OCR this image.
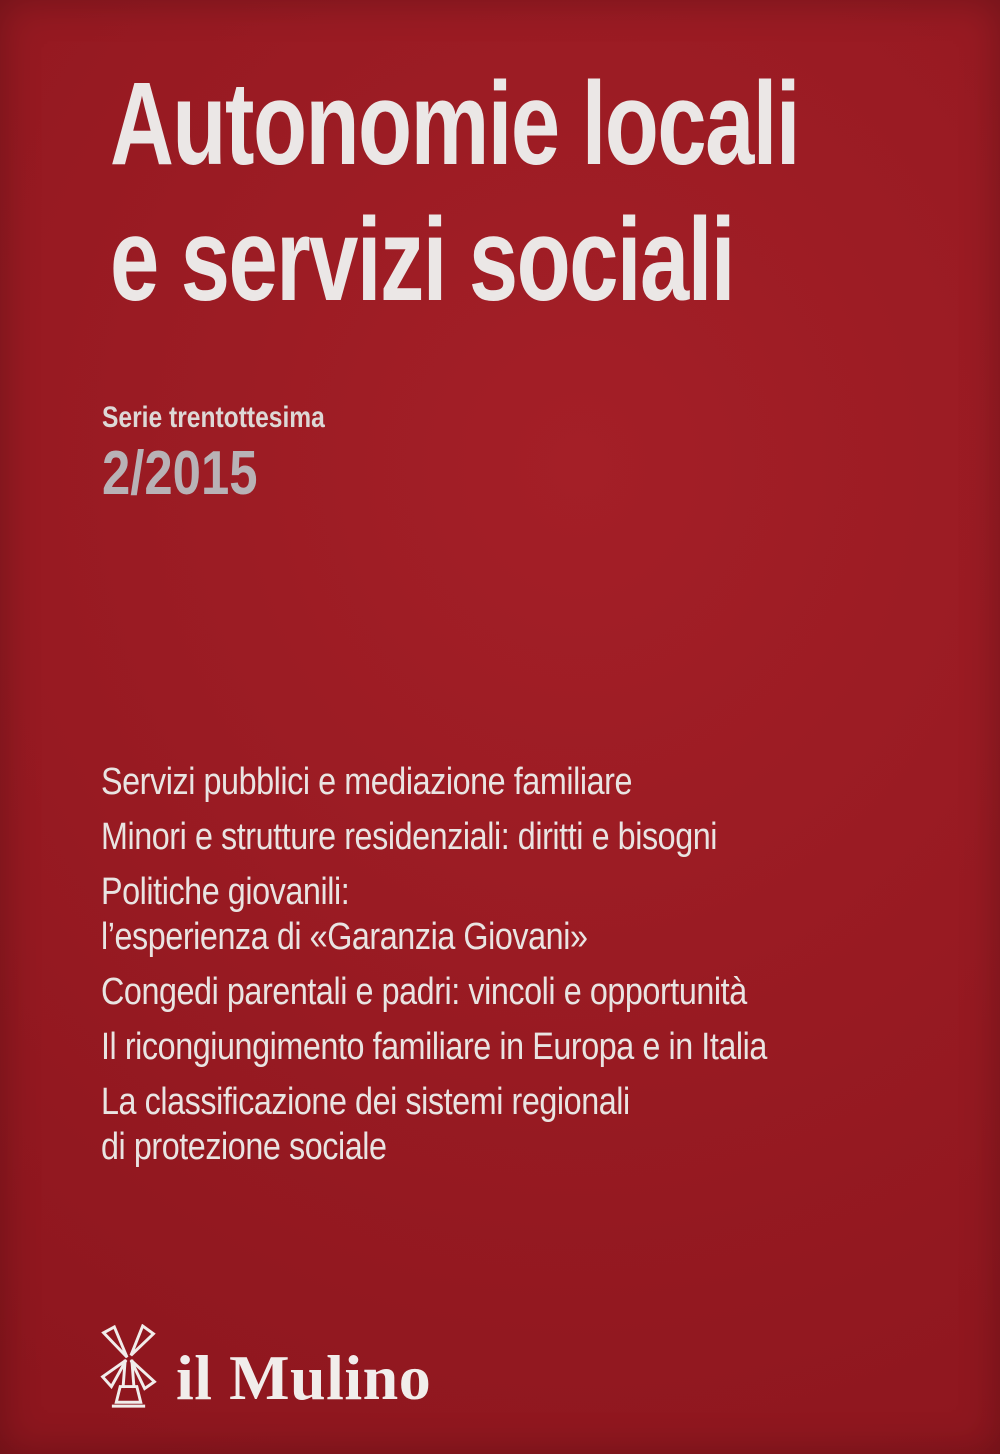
Autonomie locali
e servizi sociali
Serie trentottesima
2/2015
Servizi pubblici e mediazione familiare
Minori e strutture residenziali: diritti e bisogni
Politiche giovanili:
l’esperienza di «Garanzia Giovani»
Congedi parentali e padri: vincoli e opportunità
Il ricongiungimento familiare in Europa e in Italia
La classificazione dei sistemi regionali
di protezione sociale
il Mulino
